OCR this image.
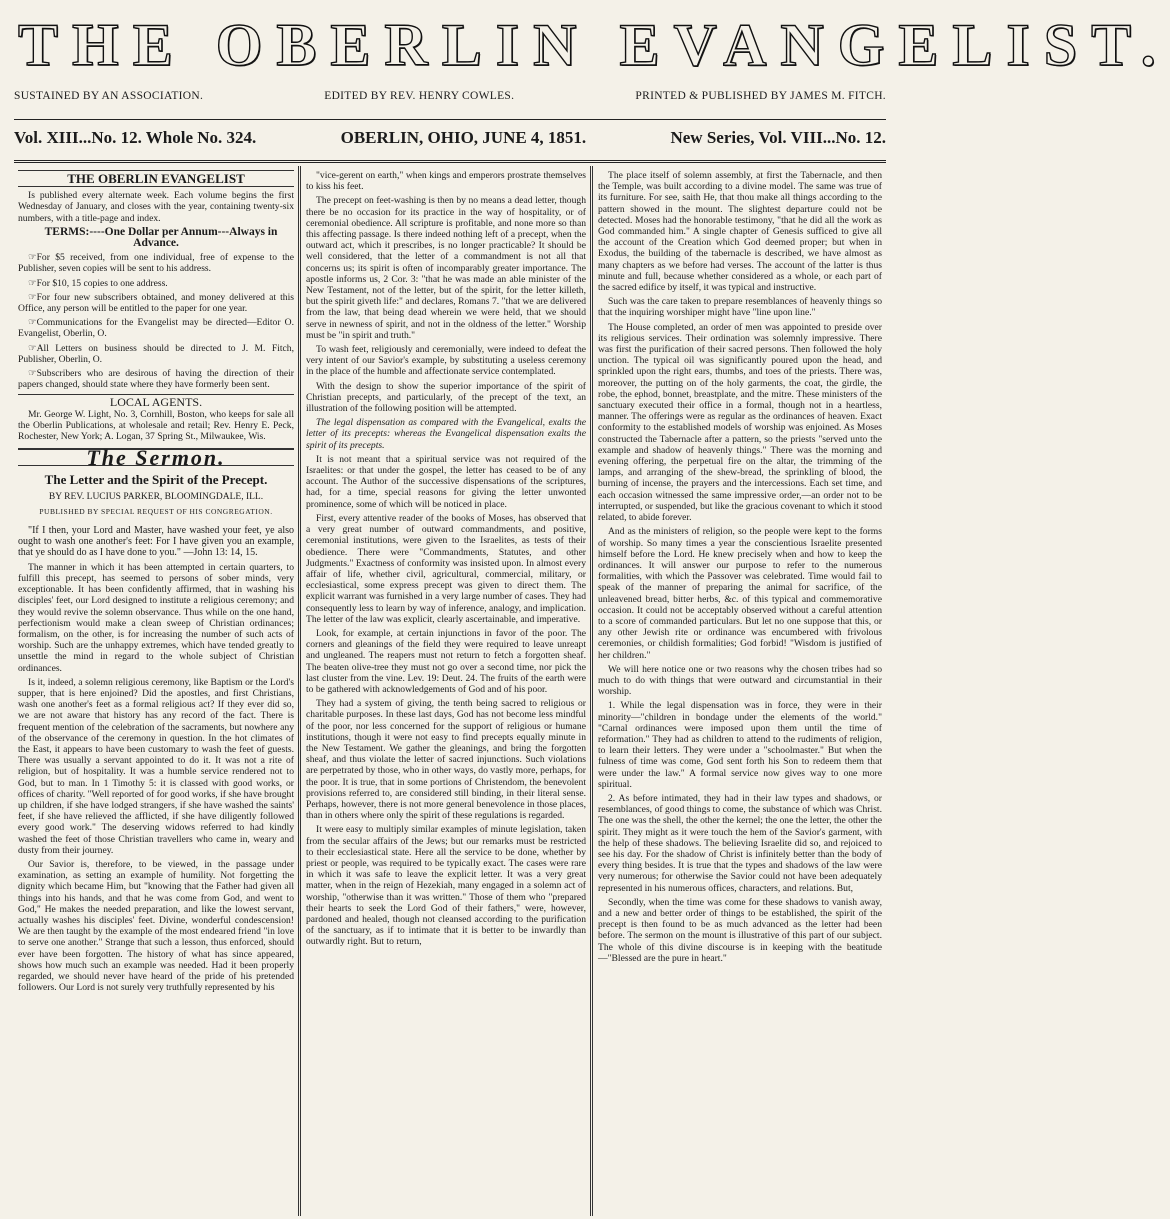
THE OBERLIN EVANGELIST.
SUSTAINED BY AN ASSOCIATION.	EDITED BY REV. HENRY COWLES.	PRINTED & PUBLISHED BY JAMES M. FITCH.
Vol. XIII...No. 12. Whole No. 324.	OBERLIN, OHIO, JUNE 4, 1851.	New Series, Vol. VIII...No. 12.
THE OBERLIN EVANGELIST

Is published every alternate week. Each volume begins the first Wednesday of January, and closes with the year, containing twenty-six numbers, with a title-page and index.

TERMS:----One Dollar per Annum---Always in Advance.

☞For $5 received, from one individual, free of expense to the Publisher, seven copies will be sent to his address.

☞For $10, 15 copies to one address.

☞For four new subscribers obtained, and money delivered at this Office, any person will be entitled to the paper for one year.

☞Communications for the Evangelist may be directed—Editor O. Evangelist, Oberlin, O.

☞All Letters on business should be directed to J. M. Fitch, Publisher, Oberlin, O.

☞Subscribers who are desirous of having the direction of their papers changed, should state where they have formerly been sent.

LOCAL AGENTS.

Mr. George W. Light, No. 3, Cornhill, Boston, who keeps for sale all the Oberlin Publications, at wholesale and retail; Rev. Henry E. Peck, Rochester, New York; A. Logan, 37 Spring St., Milwaukee, Wis.

The Sermon.
The Letter and the Spirit of the Precept.
BY REV. LUCIUS PARKER, BLOOMINGDALE, ILL.
PUBLISHED BY SPECIAL REQUEST OF HIS CONGREGATION.

"If I then, your Lord and Master, have washed your feet, ye also ought to wash one another's feet: For I have given you an example, that ye should do as I have done to you." —John 13: 14, 15.

The manner in which it has been attempted in certain quarters, to fulfill this precept, has seemed to persons of sober minds, very exceptionable. It has been confidently affirmed, that in washing his disciples' feet, our Lord designed to institute a religious ceremony; and they would revive the solemn observance. Thus while on the one hand, perfectionism would make a clean sweep of Christian ordinances; formalism, on the other, is for increasing the number of such acts of worship. Such are the unhappy extremes, which have tended greatly to unsettle the mind in regard to the whole subject of Christian ordinances.

Is it, indeed, a solemn religious ceremony, like Baptism or the Lord's supper, that is here enjoined? Did the apostles, and first Christians, wash one another's feet as a formal religious act? If they ever did so, we are not aware that history has any record of the fact. There is frequent mention of the celebration of the sacraments, but nowhere any of the observance of the ceremony in question. In the hot climates of the East, it appears to have been customary to wash the feet of guests. There was usually a servant appointed to do it. It was not a rite of religion, but of hospitality. It was a humble service rendered not to God, but to man. In 1 Timothy 5: it is classed with good works, or offices of charity. "Well reported of for good works, if she have brought up children, if she have lodged strangers, if she have washed the saints' feet, if she have relieved the afflicted, if she have diligently followed every good work." The deserving widows referred to had kindly washed the feet of those Christian travellers who came in, weary and dusty from their journey.

Our Savior is, therefore, to be viewed, in the passage under examination, as setting an example of humility. Not forgetting the dignity which became Him, but "knowing that the Father had given all things into his hands, and that he was come from God, and went to God," He makes the needed preparation, and like the lowest servant, actually washes his disciples' feet. Divine, wonderful condescension! We are then taught by the example of the most endeared friend "in love to serve one another." Strange that such a lesson, thus enforced, should ever have been forgotten. The history of what has since appeared, shows how much such an example was needed. Had it been properly regarded, we should never have heard of the pride of his pretended followers. Our Lord is not surely very truthfully represented by his

"vice-gerent on earth," when kings and emperors prostrate themselves to kiss his feet.

The precept on feet-washing is then by no means a dead letter, though there be no occasion for its practice in the way of hospitality, or of ceremonial obedience. All scripture is profitable, and none more so than this affecting passage. Is there indeed nothing left of a precept, when the outward act, which it prescribes, is no longer practicable? It should be well considered, that the letter of a commandment is not all that concerns us; its spirit is often of incomparably greater importance. The apostle informs us, 2 Cor. 3: "that he was made an able minister of the New Testament, not of the letter, but of the spirit, for the letter killeth, but the spirit giveth life:" and declares, Romans 7. "that we are delivered from the law, that being dead wherein we were held, that we should serve in newness of spirit, and not in the oldness of the letter." Worship must be "in spirit and truth."

To wash feet, religiously and ceremonially, were indeed to defeat the very intent of our Savior's example, by substituting a useless ceremony in the place of the humble and affectionate service contemplated.

With the design to show the superior importance of the spirit of Christian precepts, and particularly, of the precept of the text, an illustration of the following position will be attempted.

The legal dispensation as compared with the Evangelical, exalts the letter of its precepts: whereas the Evangelical dispensation exalts the spirit of its precepts.

It is not meant that a spiritual service was not required of the Israelites: or that under the gospel, the letter has ceased to be of any account. The Author of the successive dispensations of the scriptures, had, for a time, special reasons for giving the letter unwonted prominence, some of which will be noticed in place.

First, every attentive reader of the books of Moses, has observed that a very great number of outward commandments, and positive, ceremonial institutions, were given to the Israelites, as tests of their obedience. There were "Commandments, Statutes, and other Judgments." Exactness of conformity was insisted upon. In almost every affair of life, whether civil, agricultural, commercial, military, or ecclesiastical, some express precept was given to direct them. The explicit warrant was furnished in a very large number of cases. They had consequently less to learn by way of inference, analogy, and implication. The letter of the law was explicit, clearly ascertainable, and imperative.

Look, for example, at certain injunctions in favor of the poor. The corners and gleanings of the field they were required to leave unreapt and ungleaned. The reapers must not return to fetch a forgotten sheaf. The beaten olive-tree they must not go over a second time, nor pick the last cluster from the vine. Lev. 19: Deut. 24. The fruits of the earth were to be gathered with acknowledgements of God and of his poor.

They had a system of giving, the tenth being sacred to religious or charitable purposes. In these last days, God has not become less mindful of the poor, nor less concerned for the support of religious or humane institutions, though it were not easy to find precepts equally minute in the New Testament. We gather the gleanings, and bring the forgotten sheaf, and thus violate the letter of sacred injunctions. Such violations are perpetrated by those, who in other ways, do vastly more, perhaps, for the poor. It is true, that in some portions of Christendom, the benevolent provisions referred to, are considered still binding, in their literal sense. Perhaps, however, there is not more general benevolence in those places, than in others where only the spirit of these regulations is regarded.

It were easy to multiply similar examples of minute legislation, taken from the secular affairs of the Jews; but our remarks must be restricted to their ecclesiastical state. Here all the service to be done, whether by priest or people, was required to be typically exact. The cases were rare in which it was safe to leave the explicit letter. It was a very great matter, when in the reign of Hezekiah, many engaged in a solemn act of worship, "otherwise than it was written." Those of them who "prepared their hearts to seek the Lord God of their fathers," were, however, pardoned and healed, though not cleansed according to the purification of the sanctuary, as if to intimate that it is better to be inwardly than outwardly right. But to return,

The place itself of solemn assembly, at first the Tabernacle, and then the Temple, was built according to a divine model. The same was true of its furniture. For see, saith He, that thou make all things according to the pattern showed in the mount. The slightest departure could not be detected. Moses had the honorable testimony, "that he did all the work as God commanded him." A single chapter of Genesis sufficed to give all the account of the Creation which God deemed proper; but when in Exodus, the building of the tabernacle is described, we have almost as many chapters as we before had verses. The account of the latter is thus minute and full, because whether considered as a whole, or each part of the sacred edifice by itself, it was typical and instructive.

Such was the care taken to prepare resemblances of heavenly things so that the inquiring worshiper might have "line upon line."

The House completed, an order of men was appointed to preside over its religious services. Their ordination was solemnly impressive. There was first the purification of their sacred persons. Then followed the holy unction. The typical oil was significantly poured upon the head, and sprinkled upon the right ears, thumbs, and toes of the priests. There was, moreover, the putting on of the holy garments, the coat, the girdle, the robe, the ephod, bonnet, breastplate, and the mitre. These ministers of the sanctuary executed their office in a formal, though not in a heartless, manner. The offerings were as regular as the ordinances of heaven. Exact conformity to the established models of worship was enjoined. As Moses constructed the Tabernacle after a pattern, so the priests "served unto the example and shadow of heavenly things." There was the morning and evening offering, the perpetual fire on the altar, the trimming of the lamps, and arranging of the shew-bread, the sprinkling of blood, the burning of incense, the prayers and the intercessions. Each set time, and each occasion witnessed the same impressive order,—an order not to be interrupted, or suspended, but like the gracious covenant to which it stood related, to abide forever.

And as the ministers of religion, so the people were kept to the forms of worship. So many times a year the conscientious Israelite presented himself before the Lord. He knew precisely when and how to keep the ordinances. It will answer our purpose to refer to the numerous formalities, with which the Passover was celebrated. Time would fail to speak of the manner of preparing the animal for sacrifice, of the unleavened bread, bitter herbs, &c. of this typical and commemorative occasion. It could not be acceptably observed without a careful attention to a score of commanded particulars. But let no one suppose that this, or any other Jewish rite or ordinance was encumbered with frivolous ceremonies, or childish formalities; God forbid! "Wisdom is justified of her children."

We will here notice one or two reasons why the chosen tribes had so much to do with things that were outward and circumstantial in their worship.

1. While the legal dispensation was in force, they were in their minority—"children in bondage under the elements of the world." "Carnal ordinances were imposed upon them until the time of reformation." They had as children to attend to the rudiments of religion, to learn their letters. They were under a "schoolmaster." But when the fulness of time was come, God sent forth his Son to redeem them that were under the law." A formal service now gives way to one more spiritual.

2. As before intimated, they had in their law types and shadows, or resemblances, of good things to come, the substance of which was Christ. The one was the shell, the other the kernel; the one the letter, the other the spirit. They might as it were touch the hem of the Savior's garment, with the help of these shadows. The believing Israelite did so, and rejoiced to see his day. For the shadow of Christ is infinitely better than the body of every thing besides. It is true that the types and shadows of the law were very numerous; for otherwise the Savior could not have been adequately represented in his numerous offices, characters, and relations. But,

Secondly, when the time was come for these shadows to vanish away, and a new and better order of things to be established, the spirit of the precept is then found to be as much advanced as the letter had been before. The sermon on the mount is illustrative of this part of our subject. The whole of this divine discourse is in keeping with the beatitude—"Blessed are the pure in heart."
